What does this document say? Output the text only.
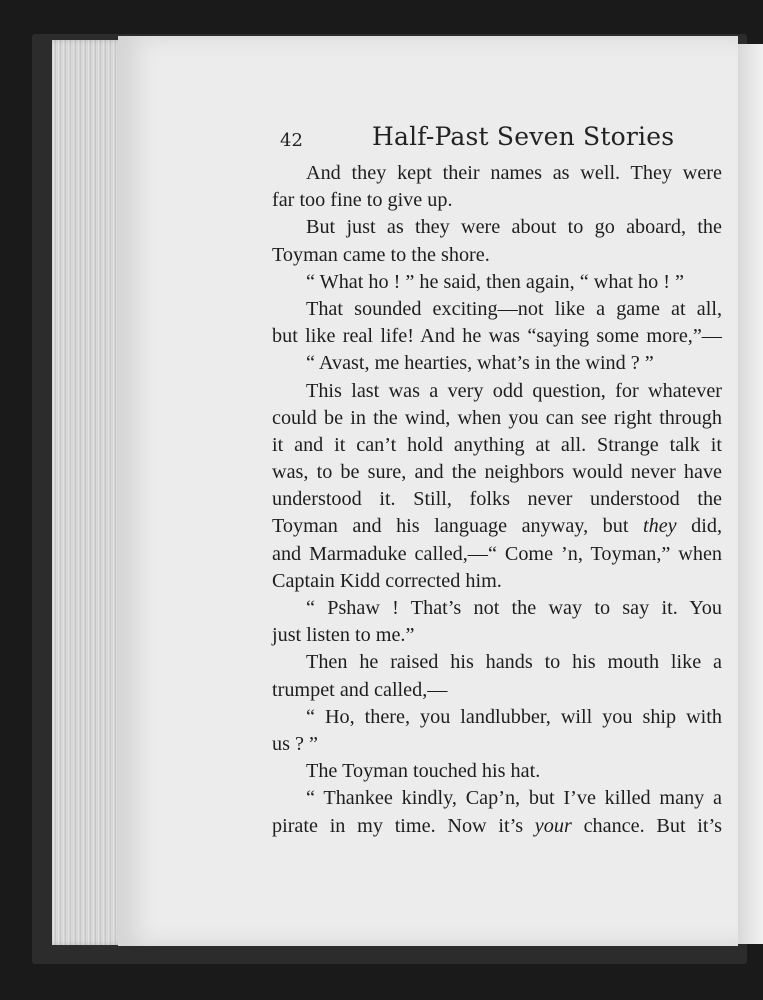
42	Half-Past Seven Stories
And they kept their names as well. They were
far too fine to give up.
But just as they were about to go aboard, the
Toyman came to the shore.
“ What ho ! ” he said, then again, “ what ho ! ”
That sounded exciting—not like a game at all,
but like real life! And he was “saying some more,”—
“ Avast, me hearties, what’s in the wind ? ”
This last was a very odd question, for whatever
could be in the wind, when you can see right through
it and it can’t hold anything at all. Strange talk it
was, to be sure, and the neighbors would never have
understood it. Still, folks never understood the
Toyman and his language anyway, but they did,
and Marmaduke called,—“ Come ’n, Toyman,” when
Captain Kidd corrected him.
“ Pshaw ! That’s not the way to say it. You
just listen to me.”
Then he raised his hands to his mouth like a
trumpet and called,—
“ Ho, there, you landlubber, will you ship with
us ? ”
The Toyman touched his hat.
“ Thankee kindly, Cap’n, but I’ve killed many a
pirate in my time. Now it’s your chance. But it’s
